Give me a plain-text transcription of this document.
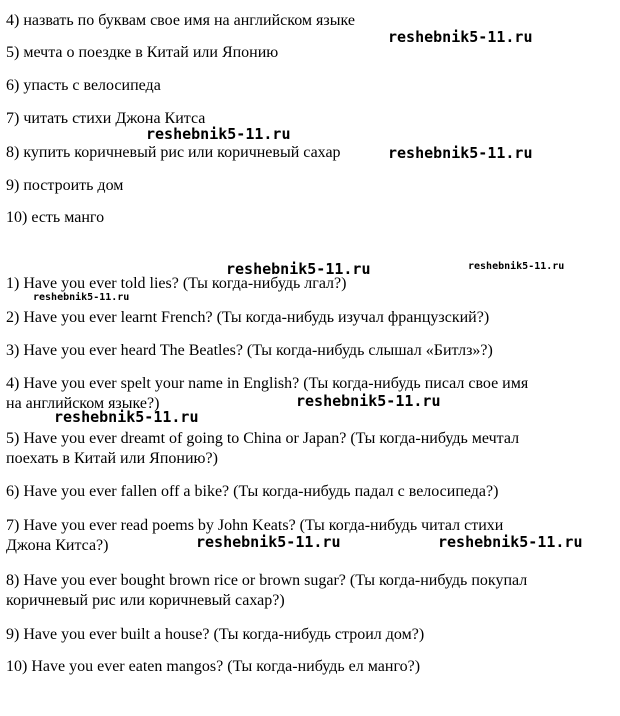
4) назвать по буквам свое имя на английском языке
5) мечта о поездке в Китай или Японию
6) упасть с велосипеда
7) читать стихи Джона Китса
8) купить коричневый рис или коричневый сахар
9) построить дом
10) есть манго
1) Have you ever told lies? (Ты когда-нибудь лгал?)
2) Have you ever learnt French? (Ты когда-нибудь изучал французский?)
3) Have you ever heard The Beatles? (Ты когда-нибудь слышал «Битлз»?)
4) Have you ever spelt your name in English? (Ты когда-нибудь писал свое имя
на английском языке?)
5) Have you ever dreamt of going to China or Japan? (Ты когда-нибудь мечтал
поехать в Китай или Японию?)
6) Have you ever fallen off a bike? (Ты когда-нибудь падал с велосипеда?)
7) Have you ever read poems by John Keats? (Ты когда-нибудь читал стихи
Джона Китса?)
8) Have you ever bought brown rice or brown sugar? (Ты когда-нибудь покупал
коричневый рис или коричневый сахар?)
9) Have you ever built a house? (Ты когда-нибудь строил дом?)
10) Have you ever eaten mangos? (Ты когда-нибудь ел манго?)
reshebnik5-11.ru
reshebnik5-11.ru
reshebnik5-11.ru
reshebnik5-11.ru	reshebnik5-11.ru
reshebnik5-11.ru
reshebnik5-11.ru
reshebnik5-11.ru
reshebnik5-11.ru	reshebnik5-11.ru
